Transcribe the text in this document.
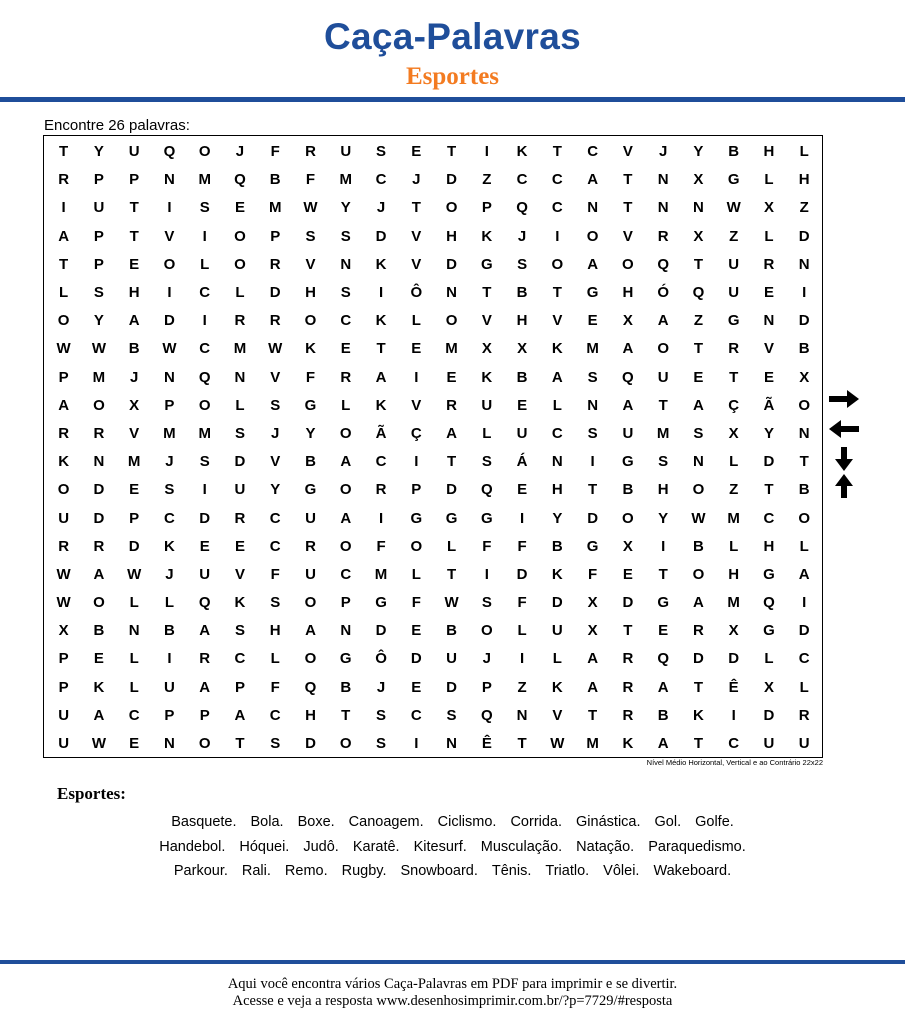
Caça-Palavras
Esportes
Encontre 26 palavras:
T	Y	U	Q	O	J	F	R	U	S	E	T	I	K	T	C	V	J	Y	B	H	L
R	P	P	N	M	Q	B	F	M	C	J	D	Z	C	C	A	T	N	X	G	L	H
I	U	T	I	S	E	M	W	Y	J	T	O	P	Q	C	N	T	N	N	W	X	Z
A	P	T	V	I	O	P	S	S	D	V	H	K	J	I	O	V	R	X	Z	L	D
T	P	E	O	L	O	R	V	N	K	V	D	G	S	O	A	O	Q	T	U	R	N
L	S	H	I	C	L	D	H	S	I	Ô	N	T	B	T	G	H	Ó	Q	U	E	I
O	Y	A	D	I	R	R	O	C	K	L	O	V	H	V	E	X	A	Z	G	N	D
W	W	B	W	C	M	W	K	E	T	E	M	X	X	K	M	A	O	T	R	V	B
P	M	J	N	Q	N	V	F	R	A	I	E	K	B	A	S	Q	U	E	T	E	X
A	O	X	P	O	L	S	G	L	K	V	R	U	E	L	N	A	T	A	Ç	Ã	O
R	R	V	M	M	S	J	Y	O	Ã	Ç	A	L	U	C	S	U	M	S	X	Y	N
K	N	M	J	S	D	V	B	A	C	I	T	S	Á	N	I	G	S	N	L	D	T
O	D	E	S	I	U	Y	G	O	R	P	D	Q	E	H	T	B	H	O	Z	T	B
U	D	P	C	D	R	C	U	A	I	G	G	G	I	Y	D	O	Y	W	M	C	O
R	R	D	K	E	E	C	R	O	F	O	L	F	F	B	G	X	I	B	L	H	L
W	A	W	J	U	V	F	U	C	M	L	T	I	D	K	F	E	T	O	H	G	A
W	O	L	L	Q	K	S	O	P	G	F	W	S	F	D	X	D	G	A	M	Q	I
X	B	N	B	A	S	H	A	N	D	E	B	O	L	U	X	T	E	R	X	G	D
P	E	L	I	R	C	L	O	G	Ô	D	U	J	I	L	A	R	Q	D	D	L	C
P	K	L	U	A	P	F	Q	B	J	E	D	P	Z	K	A	R	A	T	Ê	X	L
U	A	C	P	P	A	C	H	T	S	C	S	Q	N	V	T	R	B	K	I	D	R
U	W	E	N	O	T	S	D	O	S	I	N	Ê	T	W	M	K	A	T	C	U	U
Nível Médio Horizontal, Vertical e ao Contrário 22x22
Esportes:
Basquete. Bola. Boxe. Canoagem. Ciclismo. Corrida. Ginástica. Gol. Golfe.
Handebol. Hóquei. Judô. Karatê. Kitesurf. Musculação. Natação. Paraquedismo.
Parkour. Rali. Remo. Rugby. Snowboard. Tênis. Triatlo. Vôlei. Wakeboard.
Aqui você encontra vários Caça-Palavras em PDF para imprimir e se divertir.
Acesse e veja a resposta www.desenhosimprimir.com.br/?p=7729/#resposta
